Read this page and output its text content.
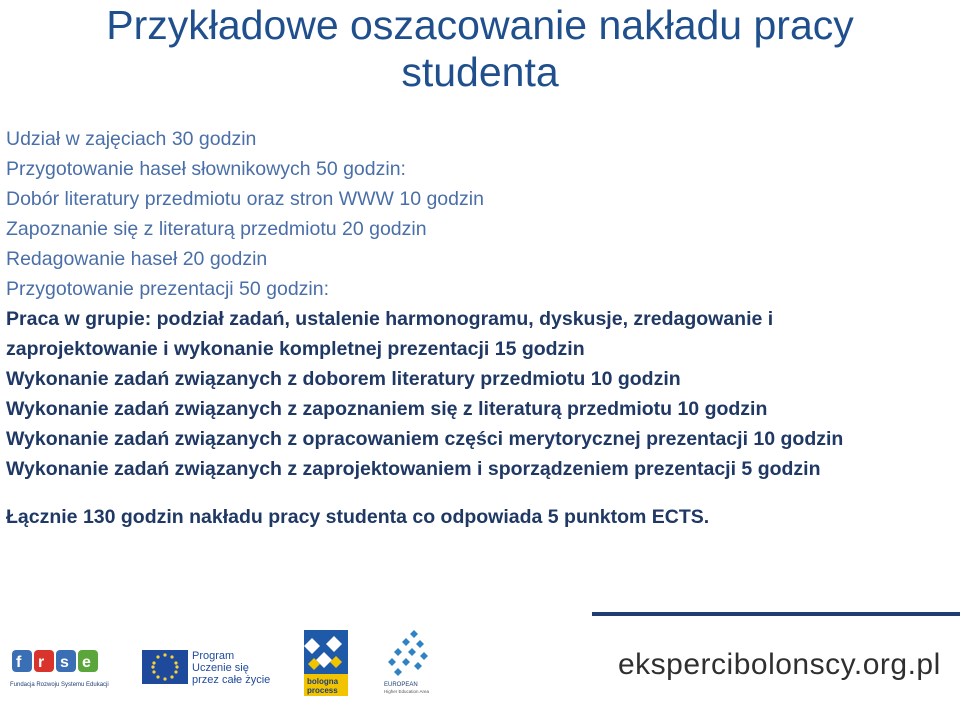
Przykładowe oszacowanie nakładu pracy
studenta
Udział w zajęciach 30 godzin
Przygotowanie haseł słownikowych 50 godzin:
Dobór literatury przedmiotu oraz stron WWW 10 godzin
Zapoznanie się z literaturą przedmiotu 20 godzin
Redagowanie haseł 20 godzin
Przygotowanie prezentacji 50 godzin:
Praca w grupie: podział zadań, ustalenie harmonogramu, dyskusje, zredagowanie i zaprojektowanie i wykonanie kompletnej prezentacji 15 godzin
Wykonanie zadań związanych z doborem literatury przedmiotu 10 godzin
Wykonanie zadań związanych z zapoznaniem się z literaturą przedmiotu 10 godzin
Wykonanie zadań związanych z opracowaniem części merytorycznej prezentacji 10 godzin
Wykonanie zadań związanych z zaprojektowaniem i sporządzeniem prezentacji 5 godzin
Łącznie 130 godzin nakładu pracy studenta co odpowiada 5 punktom ECTS.
f r s e
Fundacja Rozwoju Systemu Edukacji
Program
Uczenie się
przez całe życie	bologna
process
EUROPEAN
Higher Education Area
ekspercibolonscy.org.pl
